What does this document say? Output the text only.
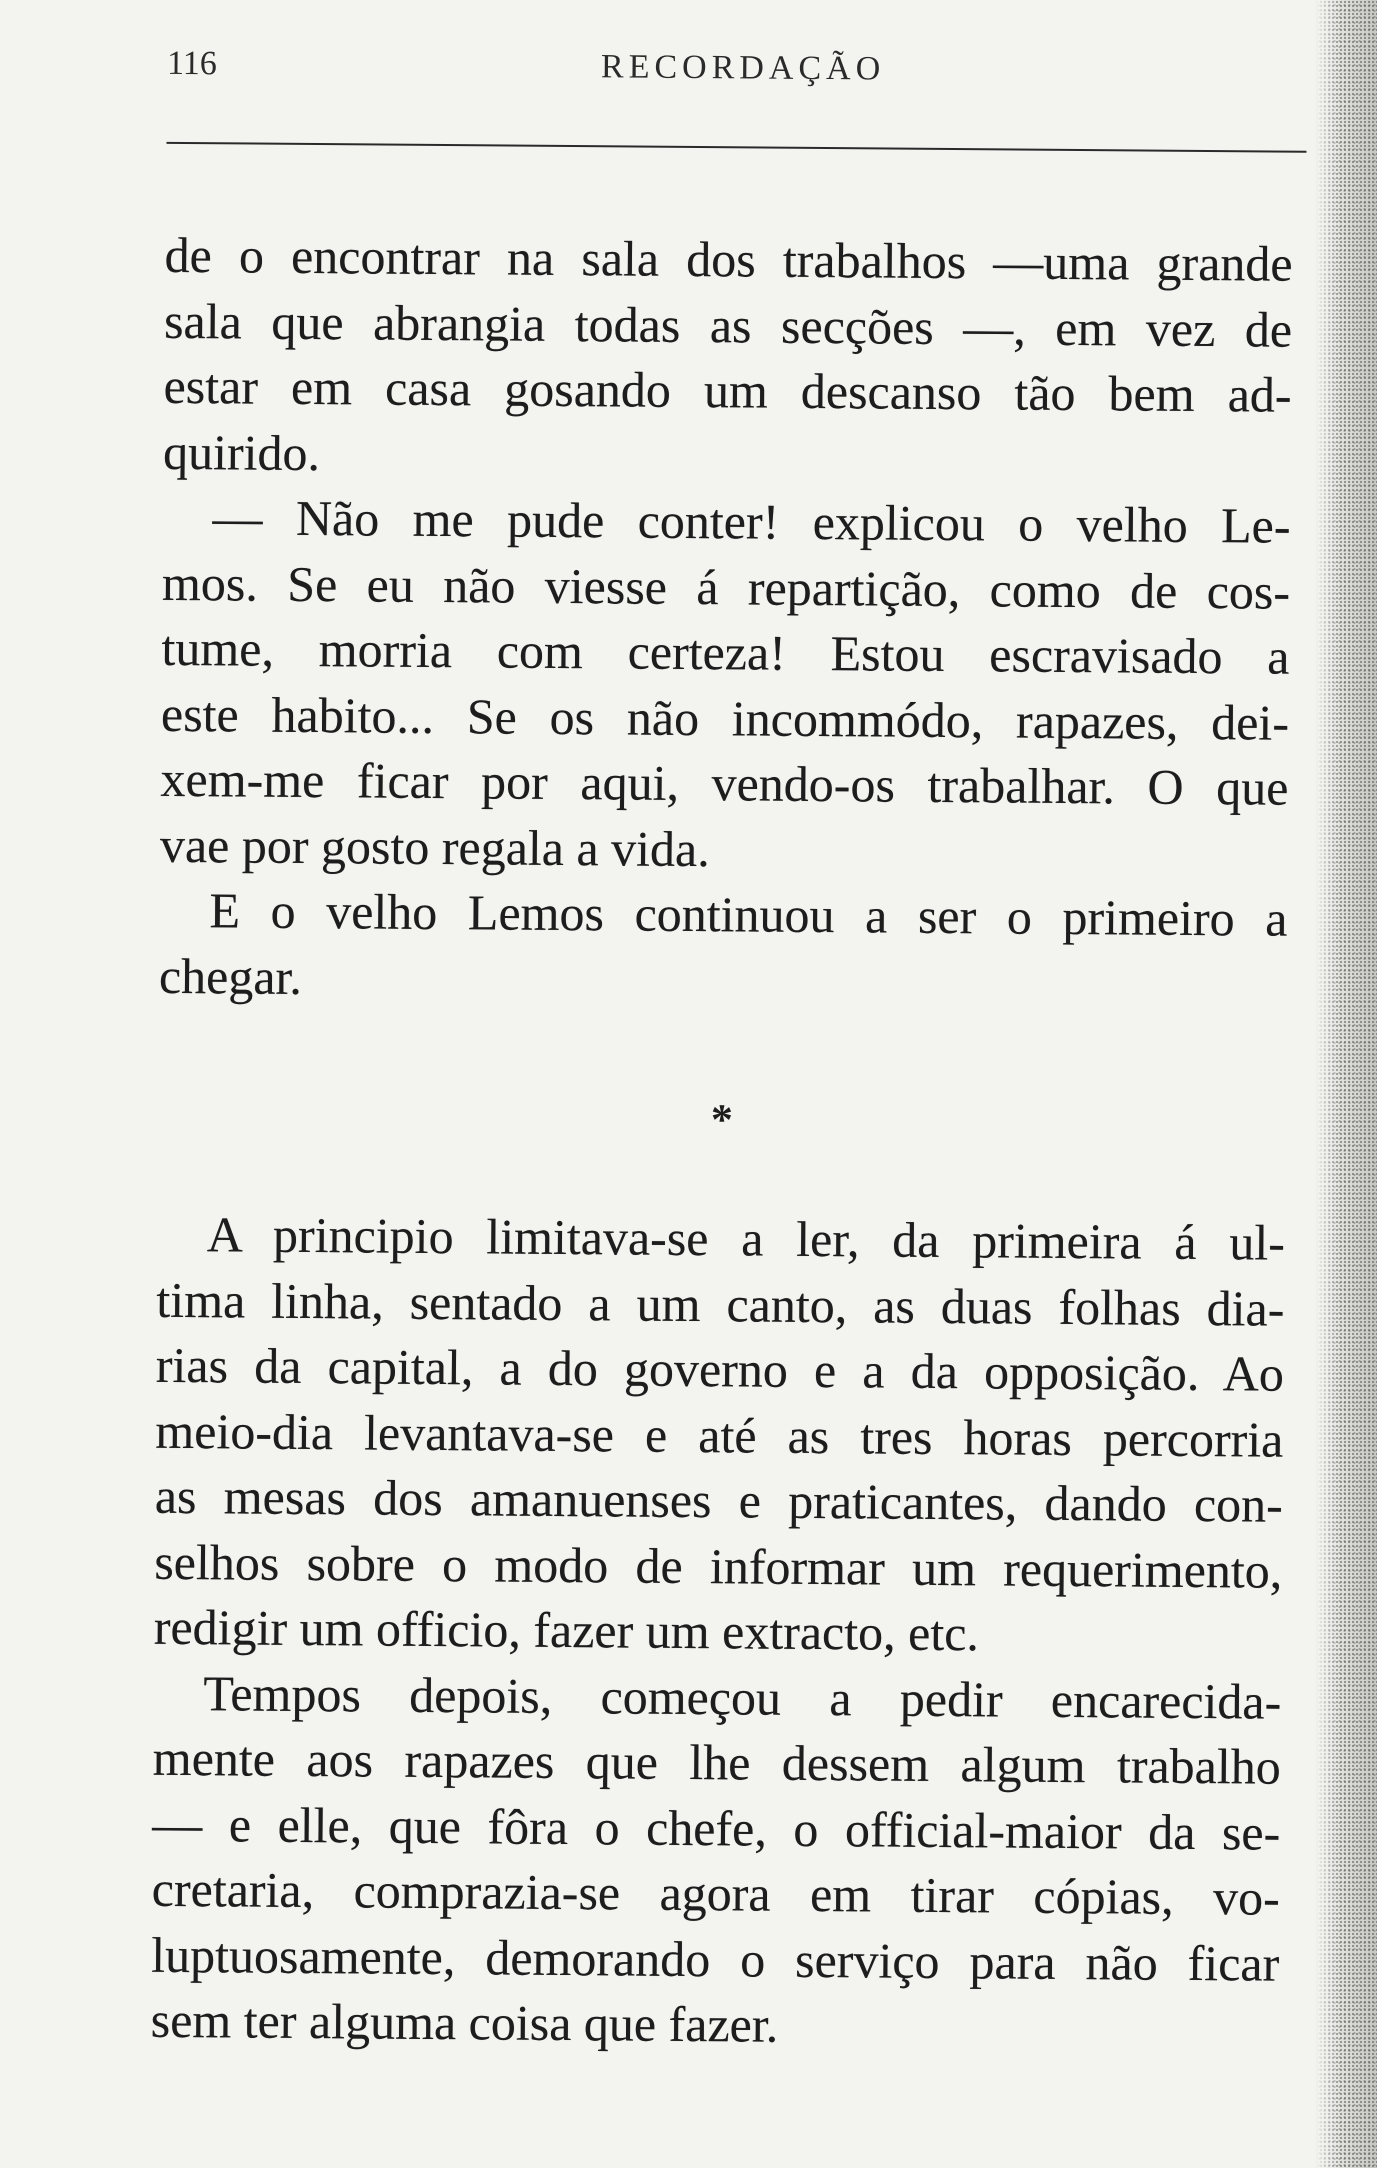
116	RECORDAÇÃO
de o encontrar na sala dos trabalhos —uma grande
sala que abrangia todas as secções —, em vez de
estar em casa gosando um descanso tão bem ad-
quirido.
— Não me pude conter! explicou o velho Le-
mos. Se eu não viesse á repartição, como de cos-
tume, morria com certeza! Estou escravisado a
este habito... Se os não incommódo, rapazes, dei-
xem-me ficar por aqui, vendo-os trabalhar. O que
vae por gosto regala a vida.
E o velho Lemos continuou a ser o primeiro a
chegar.
*
A principio limitava-se a ler, da primeira á ul-
tima linha, sentado a um canto, as duas folhas dia-
rias da capital, a do governo e a da opposição. Ao
meio-dia levantava-se e até as tres horas percorria
as mesas dos amanuenses e praticantes, dando con-
selhos sobre o modo de informar um requerimento,
redigir um officio, fazer um extracto, etc.
Tempos depois, começou a pedir encarecida-
mente aos rapazes que lhe dessem algum trabalho
— e elle, que fôra o chefe, o official-maior da se-
cretaria, comprazia-se agora em tirar cópias, vo-
luptuosamente, demorando o serviço para não ficar
sem ter alguma coisa que fazer.
